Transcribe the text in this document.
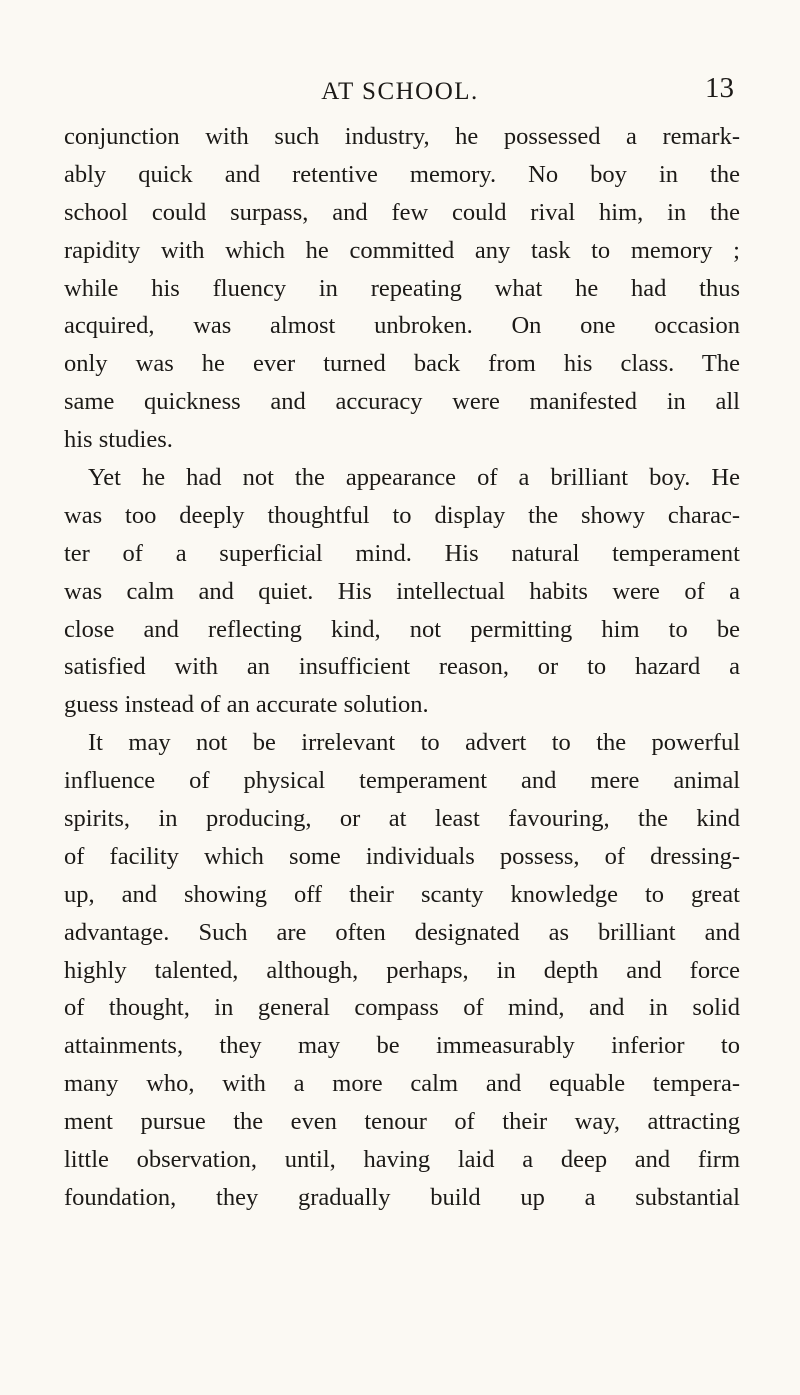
AT SCHOOL.	13
conjunction with such industry, he possessed a remark-
ably quick and retentive memory. No boy in the
school could surpass, and few could rival him, in the
rapidity with which he committed any task to memory ;
while his fluency in repeating what he had thus
acquired, was almost unbroken. On one occasion
only was he ever turned back from his class. The
same quickness and accuracy were manifested in all
his studies.
Yet he had not the appearance of a brilliant boy. He
was too deeply thoughtful to display the showy charac-
ter of a superficial mind. His natural temperament
was calm and quiet. His intellectual habits were of a
close and reflecting kind, not permitting him to be
satisfied with an insufficient reason, or to hazard a
guess instead of an accurate solution.
It may not be irrelevant to advert to the powerful
influence of physical temperament and mere animal
spirits, in producing, or at least favouring, the kind
of facility which some individuals possess, of dressing-
up, and showing off their scanty knowledge to great
advantage. Such are often designated as brilliant and
highly talented, although, perhaps, in depth and force
of thought, in general compass of mind, and in solid
attainments, they may be immeasurably inferior to
many who, with a more calm and equable tempera-
ment pursue the even tenour of their way, attracting
little observation, until, having laid a deep and firm
foundation, they gradually build up a substantial
